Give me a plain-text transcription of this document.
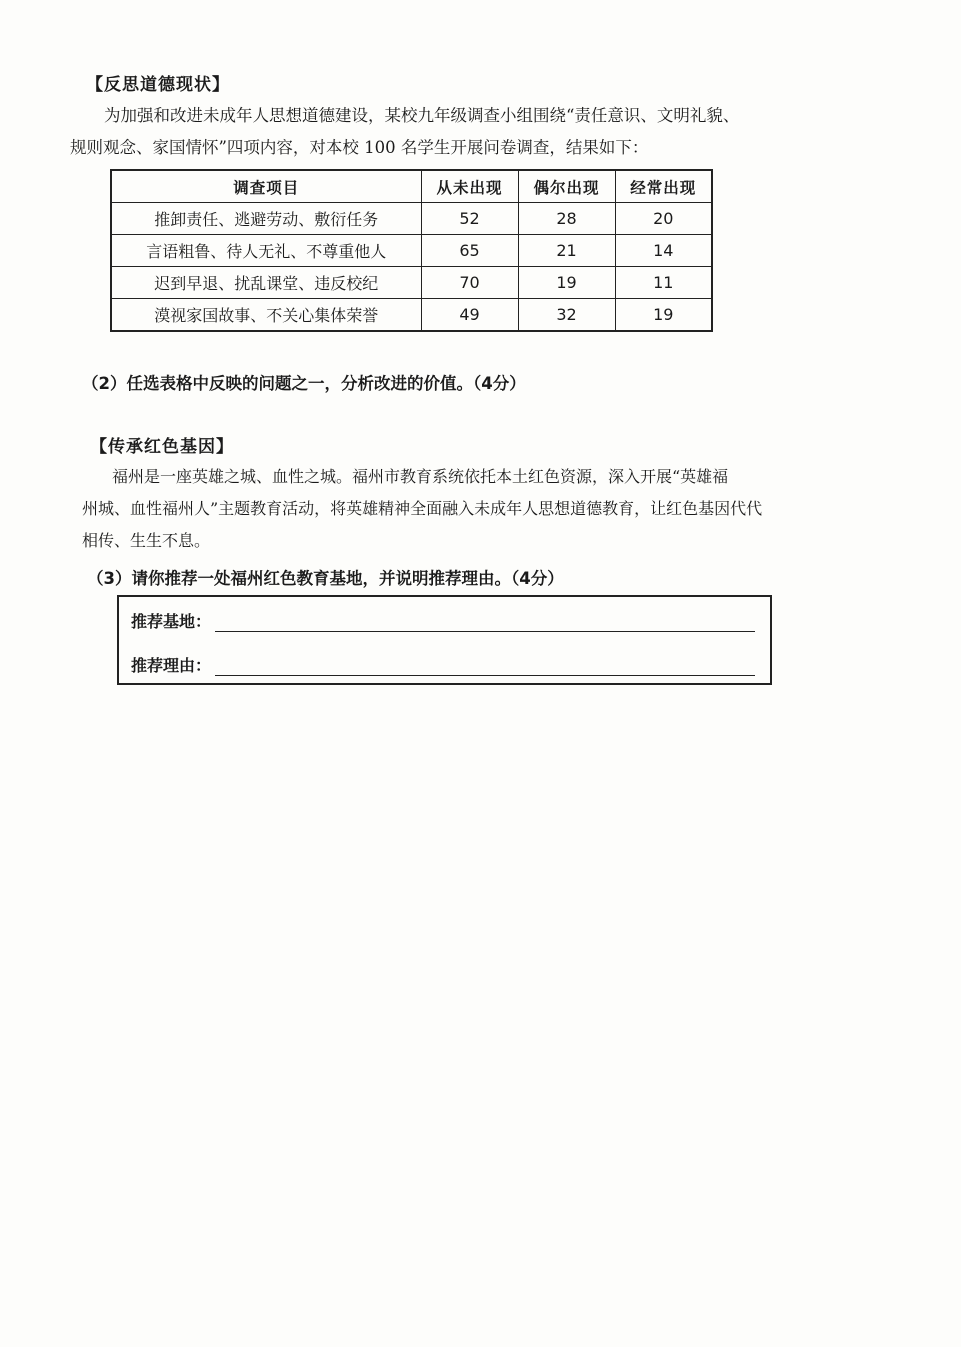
【反思道德现状】
为加强和改进未成年人思想道德建设，某校九年级调查小组围绕“责任意识、文明礼貌、
规则观念、家国情怀”四项内容，对本校 100 名学生开展问卷调查，结果如下：
调查项目	从未出现	偶尔出现	经常出现
推卸责任、逃避劳动、敷衍任务	52	28	20
言语粗鲁、待人无礼、不尊重他人	65	21	14
迟到早退、扰乱课堂、违反校纪	70	19	11
漠视家国故事、不关心集体荣誉	49	32	19
（2）任选表格中反映的问题之一，分析改进的价值。（4分）
【传承红色基因】
福州是一座英雄之城、血性之城。福州市教育系统依托本土红色资源，深入开展“英雄福
州城、血性福州人”主题教育活动，将英雄精神全面融入未成年人思想道德教育，让红色基因代代
相传、生生不息。
（3）请你推荐一处福州红色教育基地，并说明推荐理由。（4分）
推荐基地：
推荐理由：
